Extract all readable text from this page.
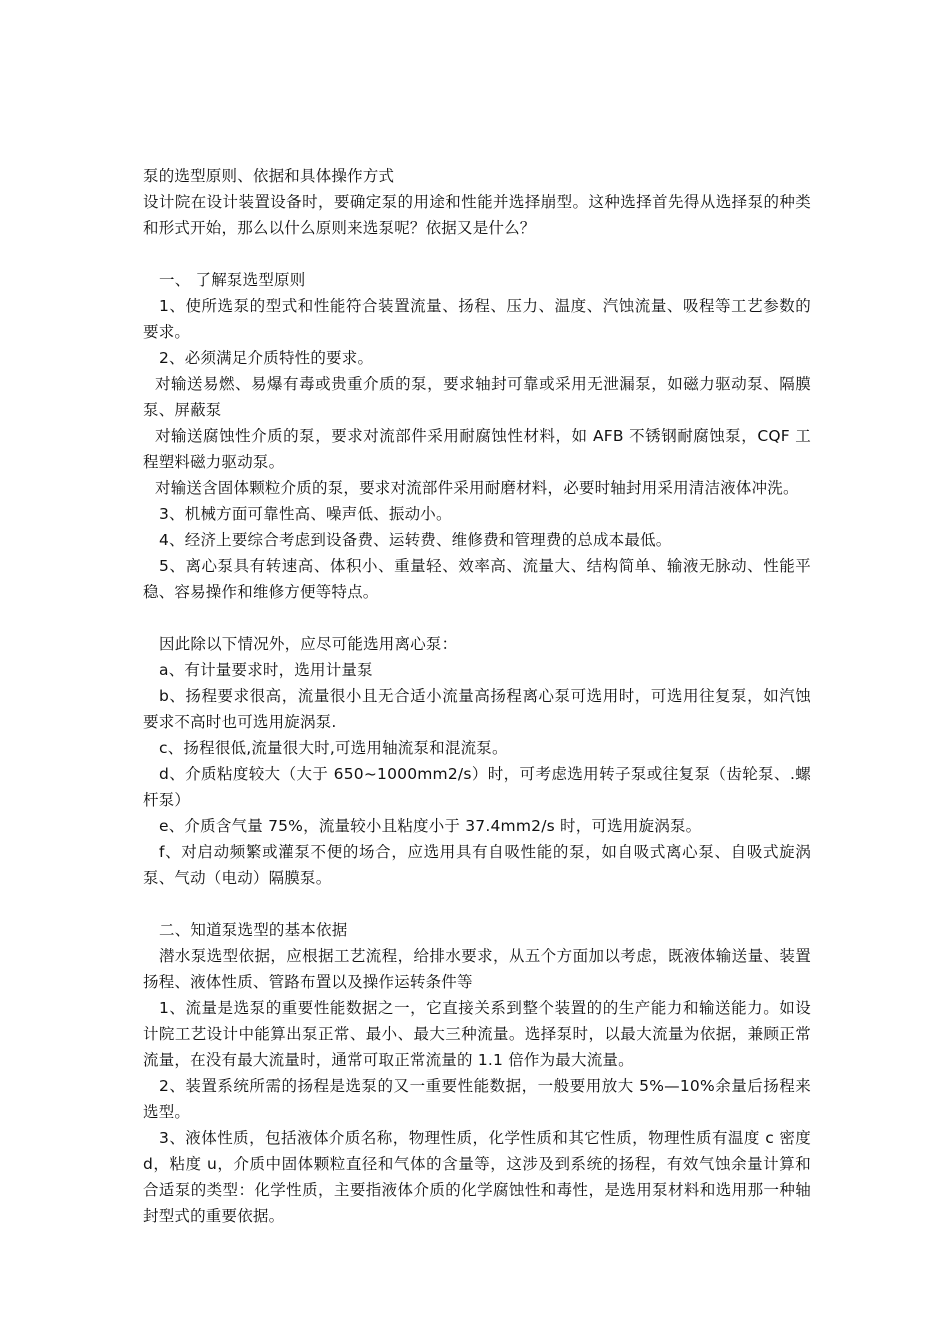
泵的选型原则、依据和具体操作方式

设计院在设计装置设备时，要确定泵的用途和性能并选择崩型。这种选择首先得从选择泵的种类和形式开始，那么以什么原则来选泵呢？依据又是什么？

一、 了解泵选型原则

1、使所选泵的型式和性能符合装置流量、扬程、压力、温度、汽蚀流量、吸程等工艺参数的要求。

2、必须满足介质特性的要求。

对输送易燃、易爆有毒或贵重介质的泵，要求轴封可靠或采用无泄漏泵，如磁力驱动泵、隔膜泵、屏蔽泵

对输送腐蚀性介质的泵，要求对流部件采用耐腐蚀性材料，如 AFB 不锈钢耐腐蚀泵，CQF 工程塑料磁力驱动泵。

对输送含固体颗粒介质的泵，要求对流部件采用耐磨材料，必要时轴封用采用清洁液体冲洗。

3、机械方面可靠性高、噪声低、振动小。

4、经济上要综合考虑到设备费、运转费、维修费和管理费的总成本最低。

5、离心泵具有转速高、体积小、重量轻、效率高、流量大、结构简单、输液无脉动、性能平稳、容易操作和维修方便等特点。

因此除以下情况外，应尽可能选用离心泵：

a、有计量要求时，选用计量泵

b、扬程要求很高，流量很小且无合适小流量高扬程离心泵可选用时，可选用往复泵，如汽蚀要求不高时也可选用旋涡泵.

c、扬程很低,流量很大时,可选用轴流泵和混流泵。

d、介质粘度较大（大于 650~1000mm2/s）时，可考虑选用转子泵或往复泵（齿轮泵、.螺杆泵）

e、介质含气量 75%，流量较小且粘度小于 37.4mm2/s 时，可选用旋涡泵。

f、对启动频繁或灌泵不便的场合，应选用具有自吸性能的泵，如自吸式离心泵、自吸式旋涡泵、气动（电动）隔膜泵。

二、知道泵选型的基本依据

潜水泵选型依据，应根据工艺流程，给排水要求，从五个方面加以考虑，既液体输送量、装置扬程、液体性质、管路布置以及操作运转条件等

1、流量是选泵的重要性能数据之一，它直接关系到整个装置的的生产能力和输送能力。如设计院工艺设计中能算出泵正常、最小、最大三种流量。选择泵时，以最大流量为依据，兼顾正常流量，在没有最大流量时，通常可取正常流量的 1.1 倍作为最大流量。

2、装置系统所需的扬程是选泵的又一重要性能数据，一般要用放大 5%—10%余量后扬程来选型。

3、液体性质，包括液体介质名称，物理性质，化学性质和其它性质，物理性质有温度 c 密度 d，粘度 u，介质中固体颗粒直径和气体的含量等，这涉及到系统的扬程，有效气蚀余量计算和合适泵的类型：化学性质，主要指液体介质的化学腐蚀性和毒性，是选用泵材料和选用那一种轴封型式的重要依据。
